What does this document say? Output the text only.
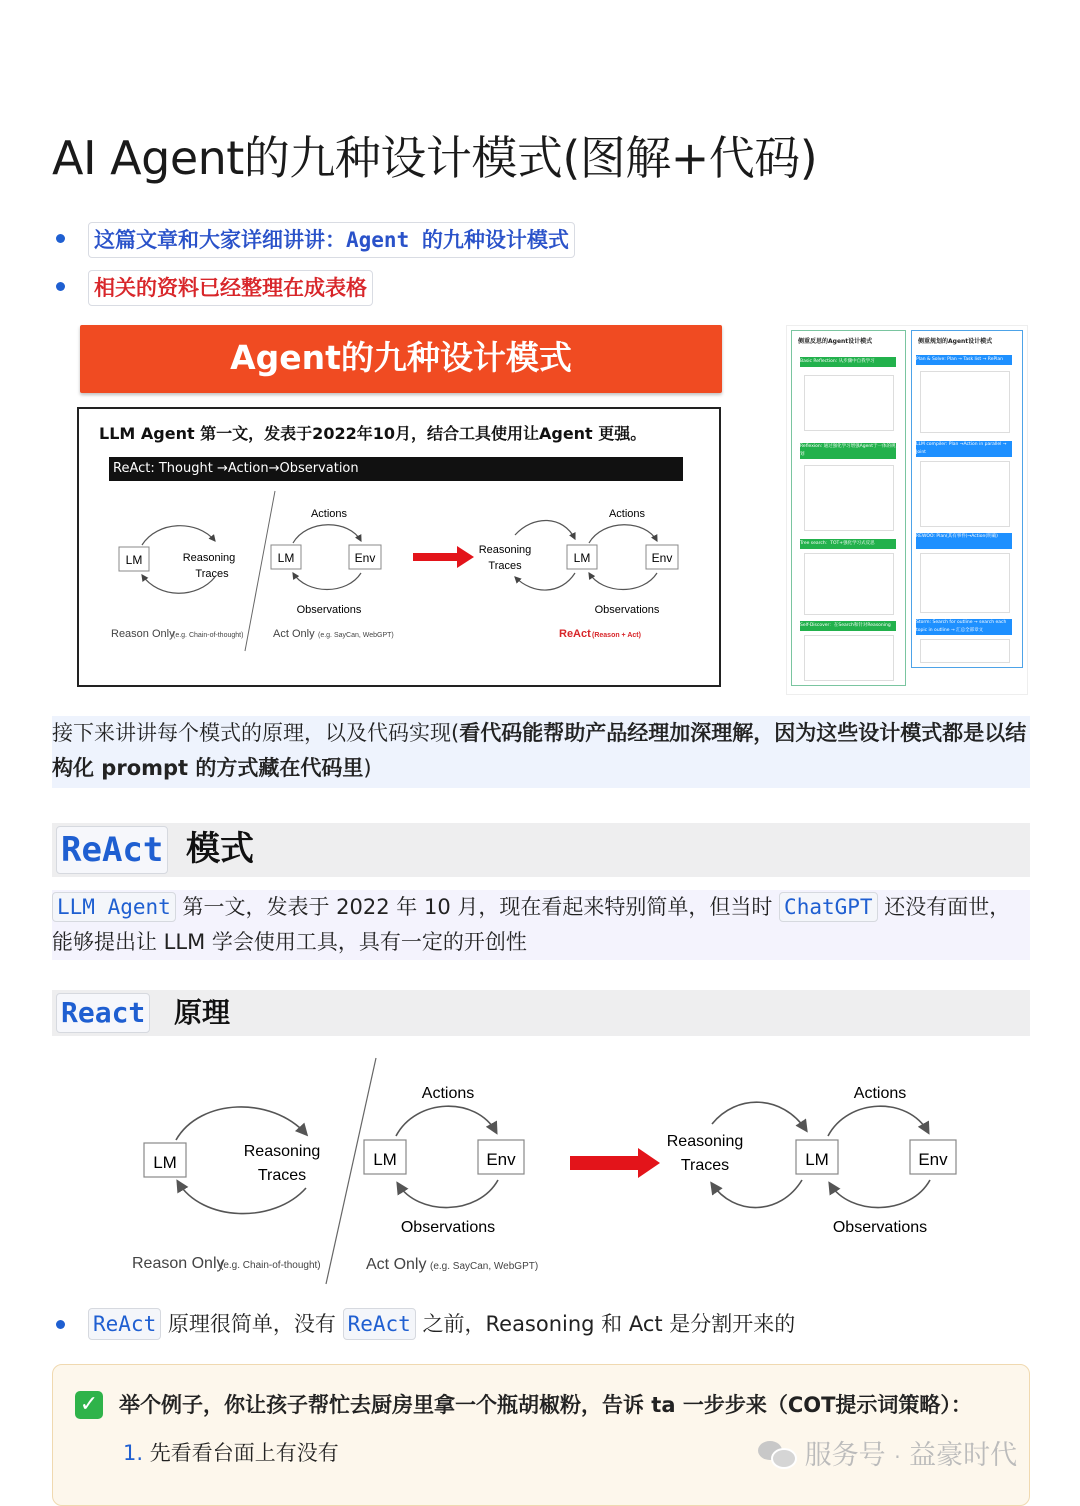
AI Agent的九种设计模式(图解+代码)
这篇文章和大家详细讲讲：Agent 的九种设计模式
相关的资料已经整理在成表格
Agent的九种设计模式
LLM Agent 第一文，发表于2022年10月，结合工具使用让Agent 更强。
ReAct: Thought →Action→Observation
LM	Reasoning
Traces
Reason Only
(e.g. Chain-of-thought)
LM	Env
Actions
Observations
Act Only (e.g. SayCan, WebGPT)
Reasoning
Traces
LM	Env
Actions
Observations
ReAct (Reason + Act)
侧重反思的Agent设计模式
Basic Reflection: 从步骤中自我学习
Reflexion: 通过强化学习增强Agent于一体的规划
Tree search：TOT+强化学习式反思
Self-Discover：在Search和针对Reasoning
侧重规划的Agent设计模式
Plan & Solve: Plan → Task list → RePlan
LLM compiler: Plan →Action in parallel → Joint
REWOO: Plan(其有事件)→Action(明确)
Storm: Search for outline → search each topic in outline → 汇总全部章文
接下来讲讲每个模式的原理，以及代码实现(看代码能帮助产品经理加深理解，因为这些设计模式都是以结构化 prompt 的方式藏在代码里)
ReAct 模式
LLM Agent 第一文，发表于 2022 年 10 月，现在看起来特别简单，但当时 ChatGPT 还没有面世，能够提出让 LLM 学会使用工具，具有一定的开创性
React 原理
LM
Reasoning
Traces
Reason Only
(e.g. Chain-of-thought)
LM	Env
Actions
Observations
Act Only (e.g. SayCan, WebGPT)
Reasoning
Traces	LM	Env
Actions
Observations
ReAct 原理很简单，没有 ReAct 之前，Reasoning 和 Act 是分割开来的
✓ 举个例子，你让孩子帮忙去厨房里拿一个瓶胡椒粉，告诉 ta 一步步来（COT提示词策略）：
1. 先看看台面上有没有	服务号 · 益豪时代
